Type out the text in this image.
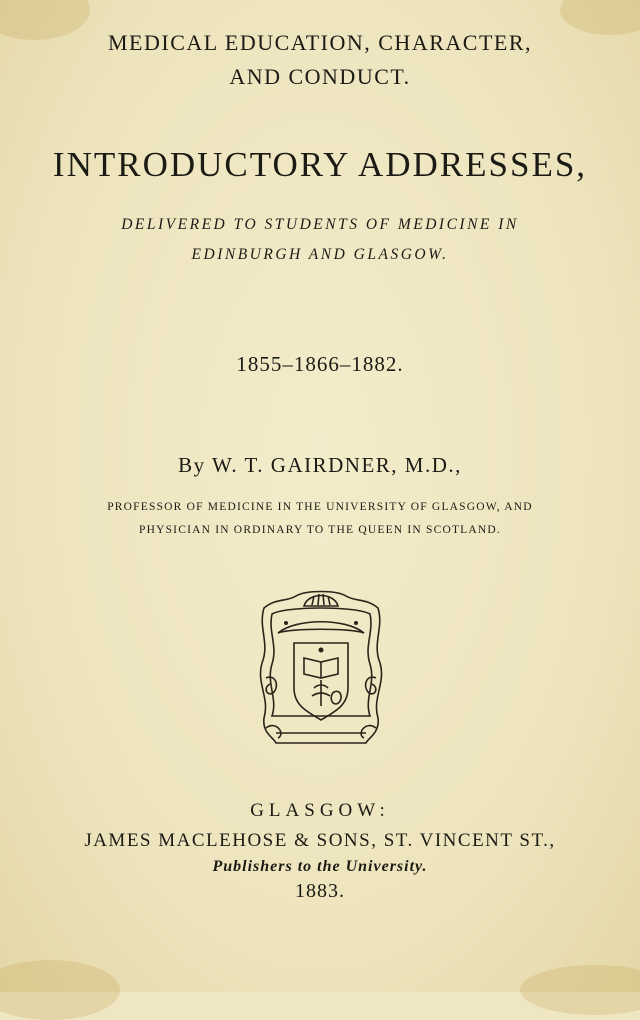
MEDICAL EDUCATION, CHARACTER,
AND CONDUCT.
INTRODUCTORY ADDRESSES,
DELIVERED TO STUDENTS OF MEDICINE IN
EDINBURGH AND GLASGOW.
1855–1866–1882.
By W. T. GAIRDNER, M.D.,
PROFESSOR OF MEDICINE IN THE UNIVERSITY OF GLASGOW, AND
PHYSICIAN IN ORDINARY TO THE QUEEN IN SCOTLAND.
GLASGOW:
JAMES MACLEHOSE & SONS, ST. VINCENT ST.,
Publishers to the University.
1883.
